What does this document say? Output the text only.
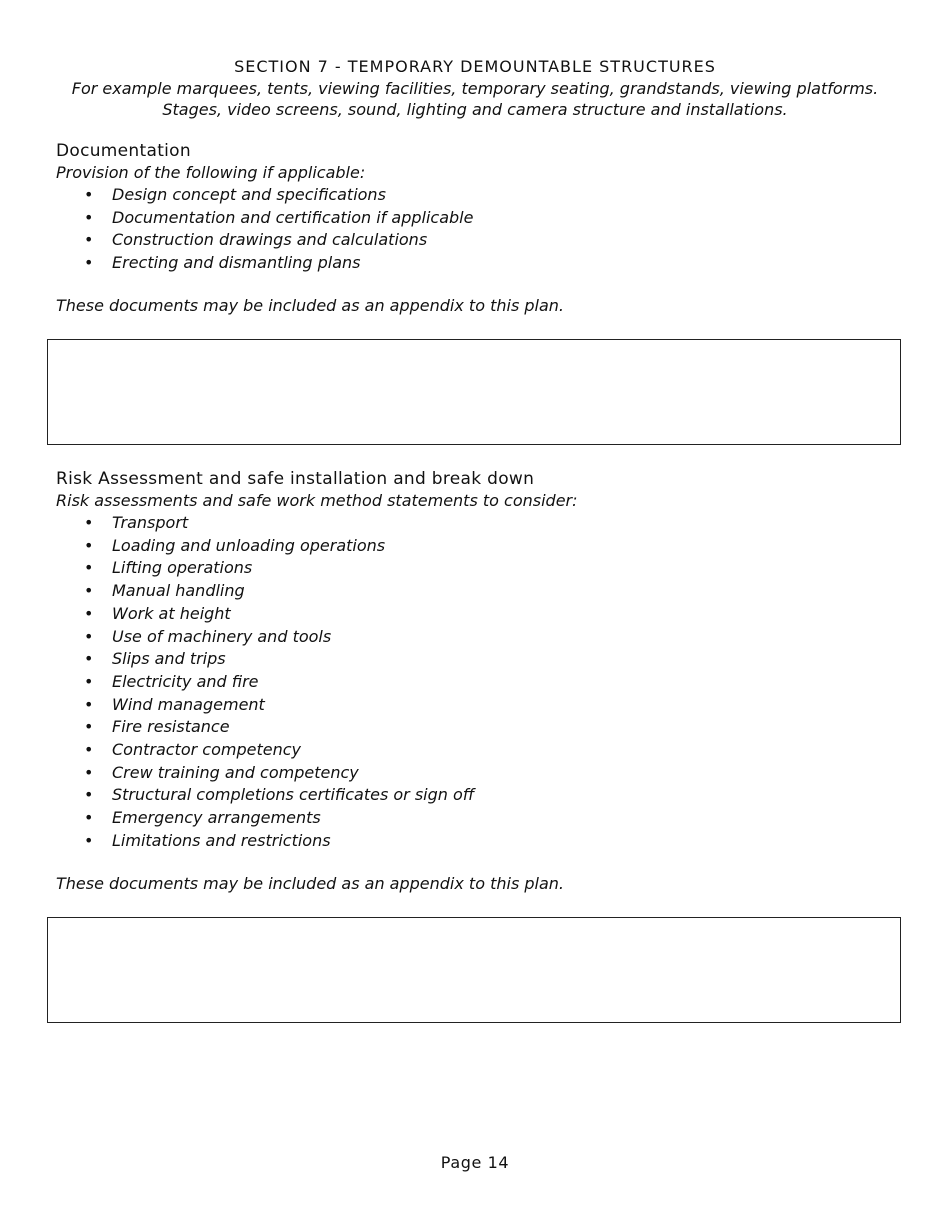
SECTION 7 - TEMPORARY DEMOUNTABLE STRUCTURES
For example marquees, tents, viewing facilities, temporary seating, grandstands, viewing platforms.
Stages, video screens, sound, lighting and camera structure and installations.
Documentation
Provision of the following if applicable:
• Design concept and specifications
• Documentation and certification if applicable
• Construction drawings and calculations
• Erecting and dismantling plans
These documents may be included as an appendix to this plan.
Risk Assessment and safe installation and break down
Risk assessments and safe work method statements to consider:
• Transport
• Loading and unloading operations
• Lifting operations
• Manual handling
• Work at height
• Use of machinery and tools
• Slips and trips
• Electricity and fire
• Wind management
• Fire resistance
• Contractor competency
• Crew training and competency
• Structural completions certificates or sign off
• Emergency arrangements
• Limitations and restrictions
These documents may be included as an appendix to this plan.
Page 14
